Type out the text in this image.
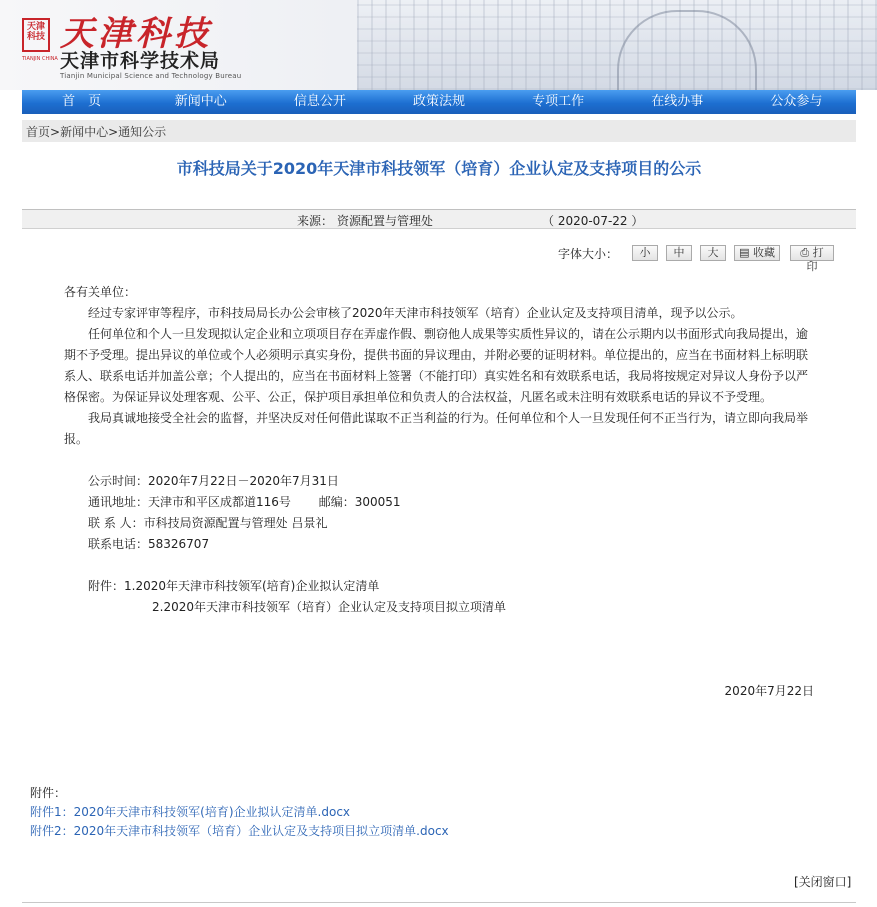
天津
科技
TIANJIN CHINA
天津科技
天津市科学技术局
Tianjin Municipal Science and Technology Bureau
首　页	新闻中心	信息公开	政策法规	专项工作	在线办事	公众参与
首页>新闻中心>通知公示
市科技局关于2020年天津市科技领军（培育）企业认定及支持项目的公示
来源： 资源配置与管理处	（ 2020-07-22 ）
字体大小：	小	中	大	▤ 收藏	⎙ 打印

各有关单位：

经过专家评审等程序，市科技局局长办公会审核了2020年天津市科技领军（培育）企业认定及支持项目清单，现予以公示。

任何单位和个人一旦发现拟认定企业和立项项目存在弄虚作假、剽窃他人成果等实质性异议的，请在公示期内以书面形式向我局提出，逾期不予受理。提出异议的单位或个人必须明示真实身份，提供书面的异议理由，并附必要的证明材料。单位提出的，应当在书面材料上标明联系人、联系电话并加盖公章；个人提出的，应当在书面材料上签署（不能打印）真实姓名和有效联系电话，我局将按规定对异议人身份予以严格保密。为保证异议处理客观、公平、公正，保护项目承担单位和负责人的合法权益，凡匿名或未注明有效联系电话的异议不予受理。

我局真诚地接受全社会的监督，并坚决反对任何借此谋取不正当利益的行为。任何单位和个人一旦发现任何不正当行为，请立即向我局举报。

公示时间：2020年7月22日－2020年7月31日

通讯地址：天津市和平区成都道116号　　 邮编：300051

联 系 人：市科技局资源配置与管理处 吕景礼

联系电话：58326707

附件：1.2020年天津市科技领军(培育)企业拟认定清单

2.2020年天津市科技领军（培育）企业认定及支持项目拟立项清单

2020年7月22日

附件：
附件1：2020年天津市科技领军(培育)企业拟认定清单.docx
附件2：2020年天津市科技领军（培育）企业认定及支持项目拟立项清单.docx
[关闭窗口]
